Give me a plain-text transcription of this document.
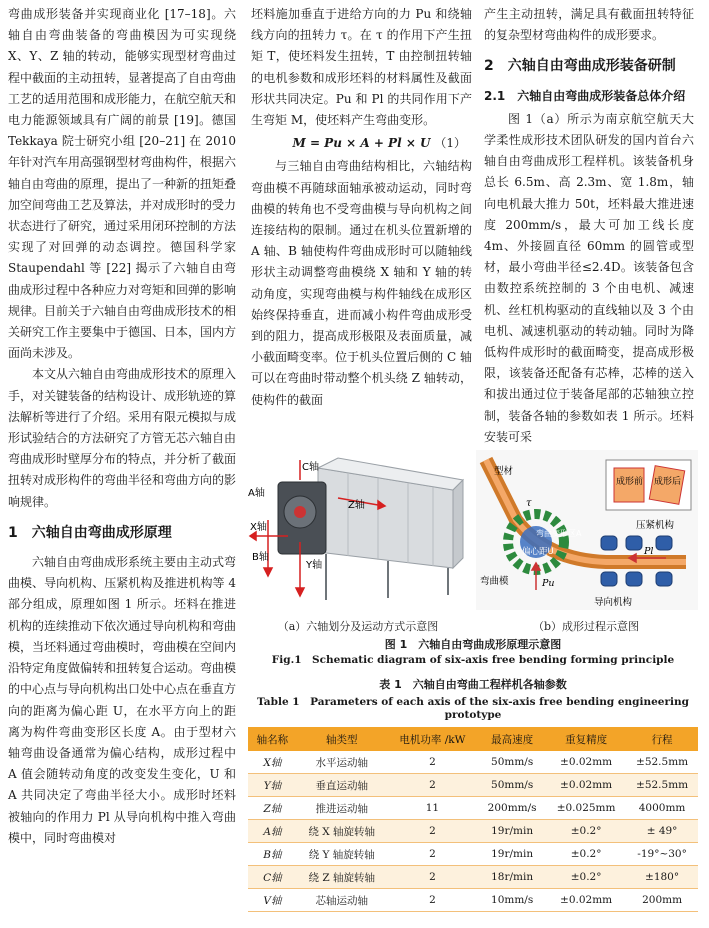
弯曲成形装备并实现商业化 [17–18]。六轴自由弯曲装备的弯曲模因为可实现绕 X、Y、Z 轴的转动，能够实现型材弯曲过程中截面的主动扭转，显著提高了自由弯曲工艺的适用范围和成形能力，在航空航天和电力能源领域具有广阔的前景 [19]。德国 Tekkaya 院士研究小组 [20–21] 在 2010 年针对汽车用高强钢型材弯曲构件，根据六轴自由弯曲的原理，提出了一种新的扭矩叠加空间弯曲工艺及算法，并对成形时的受力状态进行了研究，通过采用闭环控制的方法实现了对回弹的动态调控。德国科学家 Staupendahl 等 [22] 揭示了六轴自由弯曲成形过程中各种应力对弯矩和回弹的影响规律。目前关于六轴自由弯曲成形技术的相关研究工作主要集中于德国、日本，国内方面尚未涉及。

本文从六轴自由弯曲成形技术的原理入手，对关键装备的结构设计、成形轨迹的算法解析等进行了介绍。采用有限元模拟与成形试验结合的方法研究了方管无芯六轴自由弯曲成形时壁厚分布的特点，并分析了截面扭转对成形构件的弯曲半径和弯曲方向的影响规律。

1　六轴自由弯曲成形原理

六轴自由弯曲成形系统主要由主动式弯曲模、导向机构、压紧机构及推进机构等 4 部分组成，原理如图 1 所示。坯料在推进机构的连续推动下依次通过导向机构和弯曲模，当坯料通过弯曲模时，弯曲模在空间内沿特定角度做偏转和扭转复合运动。弯曲模的中心点与导向机构出口处中心点在垂直方向的距离为偏心距 U，在水平方向上的距离为构件弯曲变形区长度 A。由于型材六轴弯曲设备通常为偏心结构，成形过程中 A 值会随转动角度的改变发生变化，U 和 A 共同决定了弯曲半径大小。成形时坯料被轴向的作用力 Pl 从导向机构中推入弯曲模中，同时弯曲模对

坯料施加垂直于进给方向的力 Pu 和绕轴线方向的扭转力 τ。在 τ 的作用下产生扭矩 T，使坯料发生扭转，T 由控制扭转轴的电机参数和成形坯料的材料属性及截面形状共同决定。Pu 和 Pl 的共同作用下产生弯矩 M，使坯料产生弯曲变形。

M = Pu × A + Pl × U （1）

与三轴自由弯曲结构相比，六轴结构弯曲模不再随球面轴承被动运动，同时弯曲模的转角也不受弯曲模与导向机构之间连接结构的限制。通过在机头位置新增的 A 轴、B 轴使构件弯曲成形时可以随轴线形状主动调整弯曲模绕 X 轴和 Y 轴的转动角度，实现弯曲模与构件轴线在成形区始终保持垂直，进而减小构件弯曲成形受到的阻力，提高成形极限及表面质量，减小截面畸变率。位于机头位置后侧的 C 轴可以在弯曲时带动整个机头绕 Z 轴转动，使构件的截面

产生主动扭转，满足具有截面扭转特征的复杂型材弯曲构件的成形要求。

2　六轴自由弯曲成形装备研制
2.1　六轴自由弯曲成形装备总体介绍

图 1（a）所示为南京航空航天大学柔性成形技术团队研发的国内首台六轴自由弯曲成形工程样机。该装备机身总长 6.5m、高 2.3m、宽 1.8m，轴向电机最大推力 50t，坯料最大推进速度 200mm/s，最大可加工线长度 4m、外接圆直径 60mm 的圆管或型材，最小弯曲半径≤2.4D。该装备包含由数控系统控制的 3 个由电机、减速机、丝杠机构驱动的直线轴以及 3 个由电机、减速机驱动的转动轴。同时为降低构件成形时的截面畸变，提高成形极限，该装备还配备有芯棒，芯棒的送入和拔出通过位于装备尾部的芯轴独立控制，装备各轴的参数如表 1 所示。坯料安装可采

C轴
A轴
Z轴
X轴
B轴
Y轴
型材
τ
压紧机构
Pl
弯曲变形区A
偏心距U
Pu
弯曲模
导向机构
成形前 成形后
（a）六轴划分及运动方式示意图	（b）成形过程示意图
图 1　六轴自由弯曲成形原理示意图
Fig.1　Schematic diagram of six-axis free bending forming principle
表 1　六轴自由弯曲工程样机各轴参数
Table 1　Parameters of each axis of the six-axis free bending engineering prototype
轴名称	轴类型	电机功率 /kW	最高速度	重复精度	行程
X轴	水平运动轴	2	50mm/s	±0.02mm	±52.5mm
Y轴	垂直运动轴	2	50mm/s	±0.02mm	±52.5mm
Z轴	推进运动轴	11	200mm/s	±0.025mm	4000mm
A轴	绕 X 轴旋转轴	2	19r/min	±0.2°	± 49°
B轴	绕 Y 轴旋转轴	2	19r/min	±0.2°	-19°~30°
C轴	绕 Z 轴旋转轴	2	18r/min	±0.2°	±180°
V轴	芯轴运动轴	2	10mm/s	±0.02mm	200mm
